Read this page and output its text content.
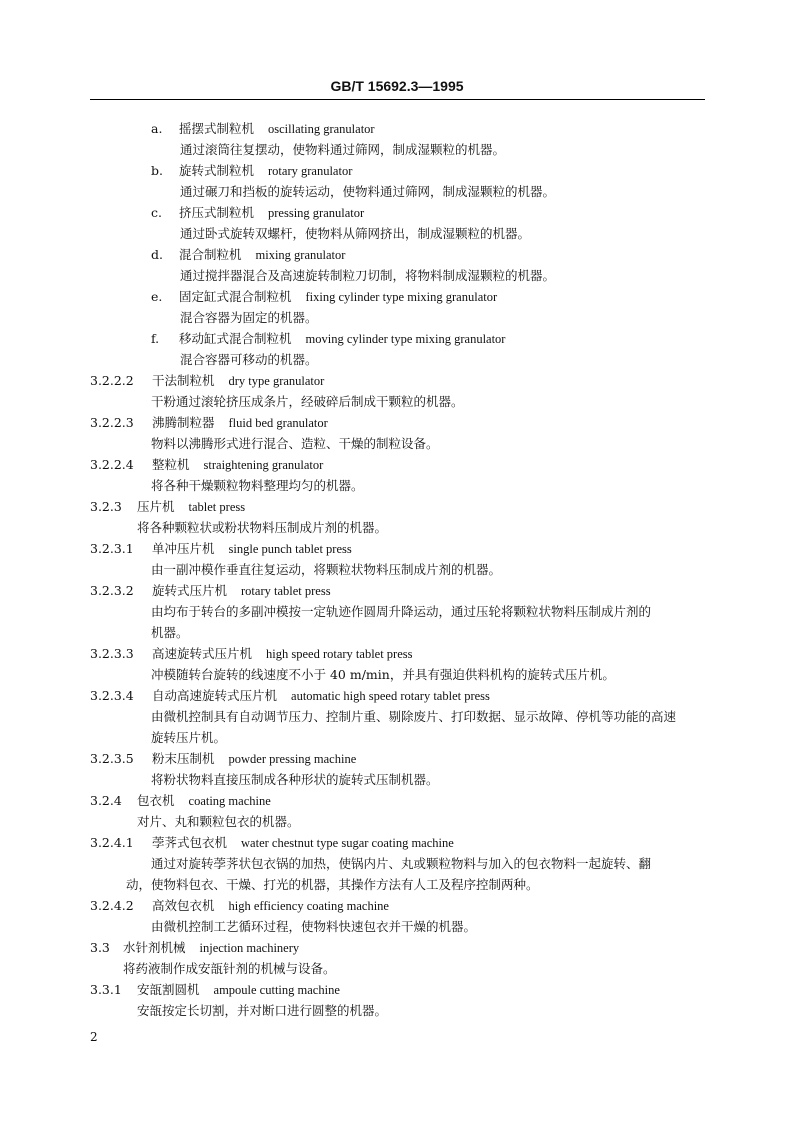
GB/T 15692.3—1995
a. 摇摆式制粒机 oscillating granulator
通过滚筒往复摆动，使物料通过筛网，制成湿颗粒的机器。
b. 旋转式制粒机 rotary granulator
通过碾刀和挡板的旋转运动，使物料通过筛网，制成湿颗粒的机器。
c. 挤压式制粒机 pressing granulator
通过卧式旋转双螺杆，使物料从筛网挤出，制成湿颗粒的机器。
d. 混合制粒机 mixing granulator
通过搅拌器混合及高速旋转制粒刀切制，将物料制成湿颗粒的机器。
e. 固定缸式混合制粒机 fixing cylinder type mixing granulator
混合容器为固定的机器。
f. 移动缸式混合制粒机 moving cylinder type mixing granulator
混合容器可移动的机器。
3.2.2.2 干法制粒机 dry type granulator
干粉通过滚轮挤压成条片，经破碎后制成干颗粒的机器。
3.2.2.3 沸腾制粒器 fluid bed granulator
物料以沸腾形式进行混合、造粒、干燥的制粒设备。
3.2.2.4 整粒机 straightening granulator
将各种干燥颗粒物料整理均匀的机器。
3.2.3 压片机 tablet press
将各种颗粒状或粉状物料压制成片剂的机器。
3.2.3.1 单冲压片机 single punch tablet press
由一副冲模作垂直往复运动，将颗粒状物料压制成片剂的机器。
3.2.3.2 旋转式压片机 rotary tablet press
由均布于转台的多副冲模按一定轨迹作圆周升降运动，通过压轮将颗粒状物料压制成片剂的
机器。
3.2.3.3 高速旋转式压片机 high speed rotary tablet press
冲模随转台旋转的线速度不小于 40 m/min，并具有强迫供料机构的旋转式压片机。
3.2.3.4 自动高速旋转式压片机 automatic high speed rotary tablet press
由微机控制具有自动调节压力、控制片重、剔除废片、打印数据、显示故障、停机等功能的高速
旋转压片机。
3.2.3.5 粉末压制机 powder pressing machine
将粉状物料直接压制成各种形状的旋转式压制机器。
3.2.4 包衣机 coating machine
对片、丸和颗粒包衣的机器。
3.2.4.1 荸荠式包衣机 water chestnut type sugar coating machine
通过对旋转荸荠状包衣锅的加热，使锅内片、丸或颗粒物料与加入的包衣物料一起旋转、翻
动，使物料包衣、干燥、打光的机器，其操作方法有人工及程序控制两种。
3.2.4.2 高效包衣机 high efficiency coating machine
由微机控制工艺循环过程，使物料快速包衣并干燥的机器。
3.3 水针剂机械 injection machinery
将药液制作成安瓿针剂的机械与设备。
3.3.1 安瓿割圆机 ampoule cutting machine
安瓿按定长切割，并对断口进行圆整的机器。
2
